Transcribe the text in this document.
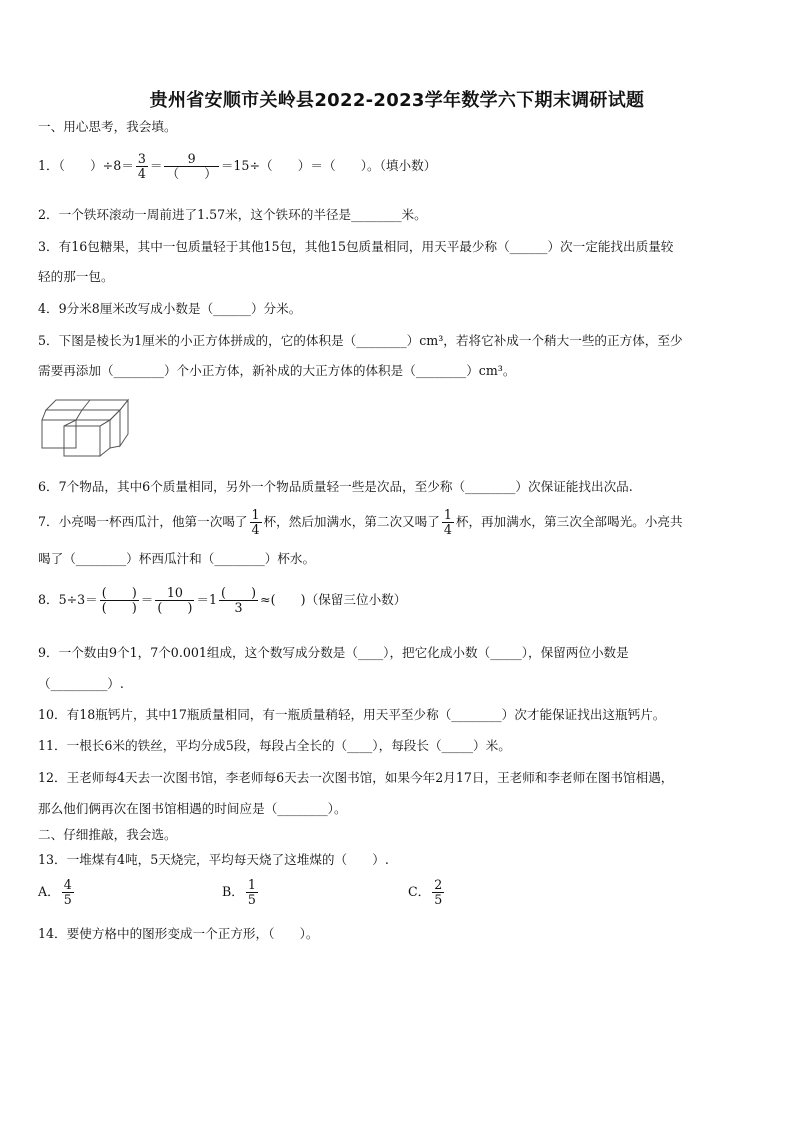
贵州省安顺市关岭县2022-2023学年数学六下期末调研试题
一、用心思考，我会填。
1．（　　）$\div 8= \frac{3}{4} = \frac{9}{( )} =15\div$（　　）＝（　　）。（填小数）
2．一个铁环滚动一周前进了1.57米，这个铁环的半径是________米。
3．有16包糖果，其中一包质量轻于其他15包，其他15包质量相同，用天平最少称（______）次一定能找出质量较
轻的那一包。
4．9分米8厘米改写成小数是（______）分米。
5．下图是棱长为1厘米的小正方体拼成的，它的体积是（________）cm³，若将它补成一个稍大一些的正方体，至少
需要再添加（________）个小正方体，新补成的大正方体的体积是（________）cm³。
6．7个物品，其中6个质量相同，另外一个物品质量轻一些是次品，至少称（________）次保证能找出次品.
7．小亮喝一杯西瓜汁，他第一次喝了 $\frac{1}{4}$ 杯，然后加满水，第二次又喝了 $\frac{1}{4}$ 杯，再加满水，第三次全部喝光。小亮共
喝了（________）杯西瓜汁和（________）杯水。
8．$5\div 3= \frac{( )}{( )} = \frac{10}{( )} =1 \frac{( )}{3}$ ≈(　　)（保留三位小数）
9．一个数由9个1，7个0.001组成，这个数写成分数是（____），把它化成小数（_____），保留两位小数是
（_________）.
10．有18瓶钙片，其中17瓶质量相同，有一瓶质量稍轻，用天平至少称（________）次才能保证找出这瓶钙片。
11．一根长6米的铁丝，平均分成5段，每段占全长的（____），每段长（_____）米。
12．王老师每4天去一次图书馆，李老师每6天去一次图书馆，如果今年2月17日，王老师和李老师在图书馆相遇，
那么他们俩再次在图书馆相遇的时间应是（________）。
二、仔细推敲，我会选。
13．一堆煤有4吨，5天烧完，平均每天烧了这堆煤的（　　）.
A． $\frac{4}{5}$	B． $\frac{1}{5}$	C． $\frac{2}{5}$
14．要使方格中的图形变成一个正方形，（　　）。
